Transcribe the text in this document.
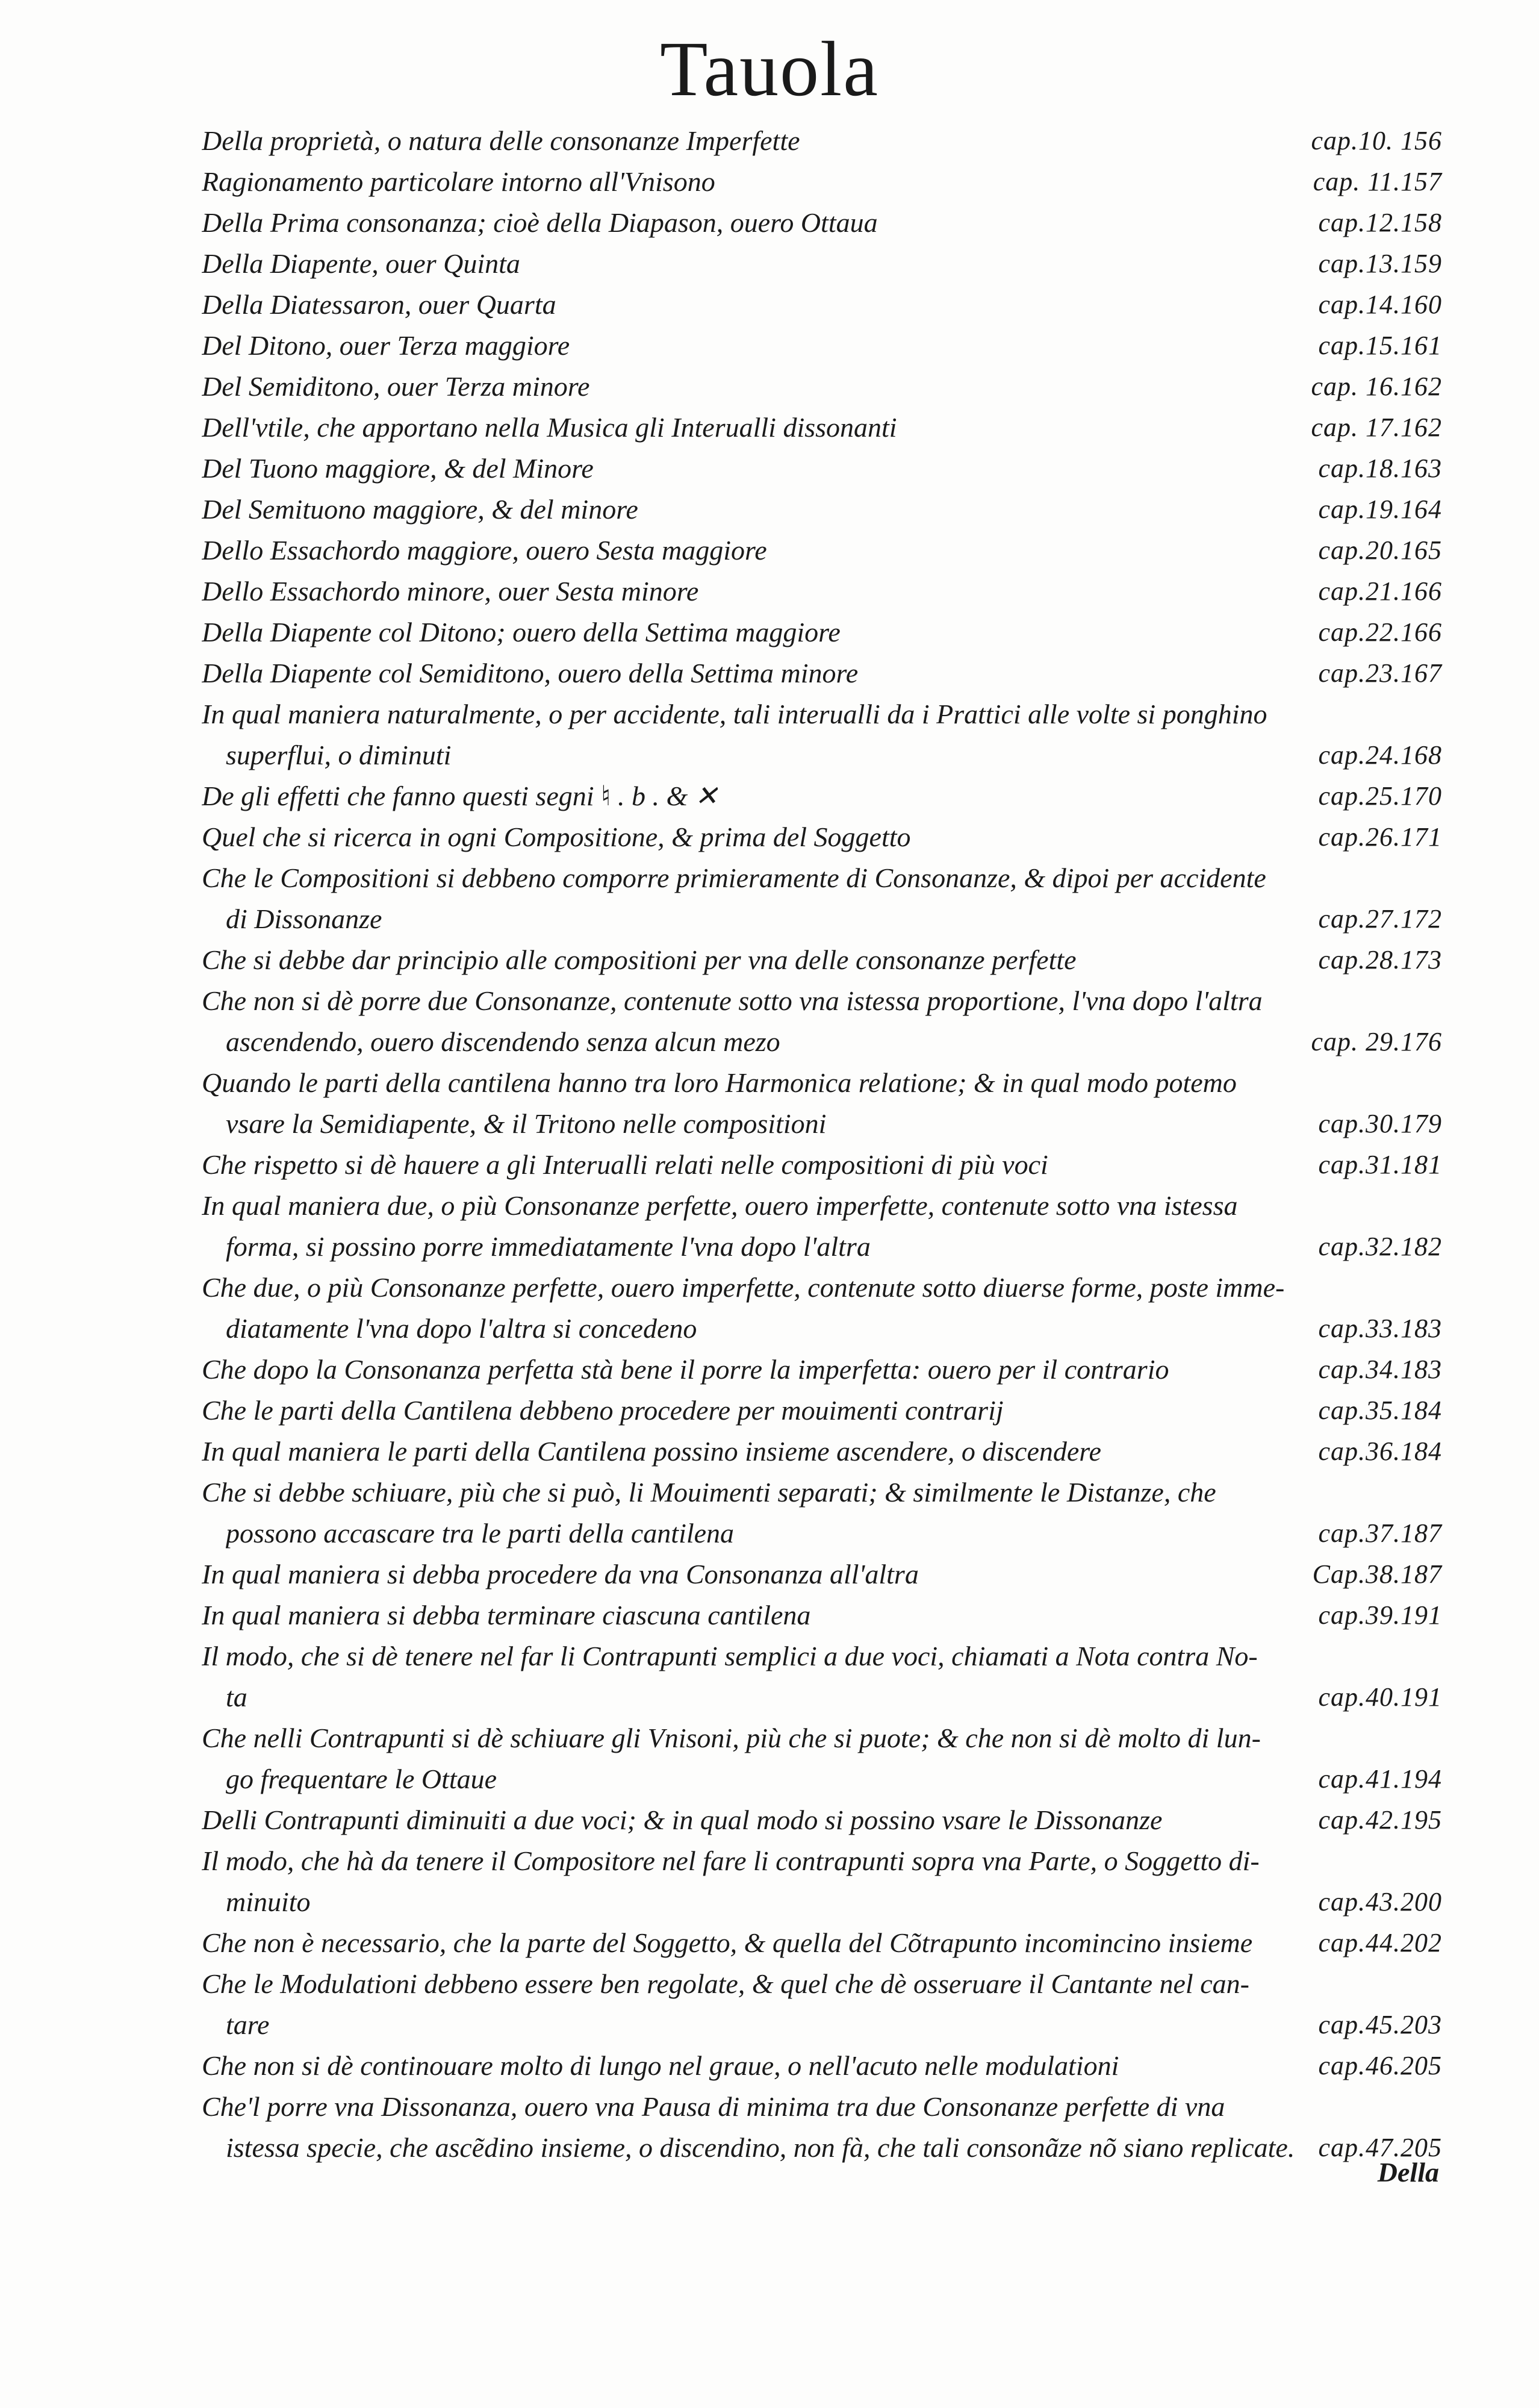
Tauola
Della proprietà, o natura delle consonanze Imperfette	cap.10. 156
Ragionamento particolare intorno all'Vnisono	cap. 11.157
Della Prima consonanza; cioè della Diapason, ouero Ottaua	cap.12.158
Della Diapente, ouer Quinta	cap.13.159
Della Diatessaron, ouer Quarta	cap.14.160
Del Ditono, ouer Terza maggiore	cap.15.161
Del Semiditono, ouer Terza minore	cap. 16.162
Dell'vtile, che apportano nella Musica gli Interualli dissonanti	cap. 17.162
Del Tuono maggiore, & del Minore	cap.18.163
Del Semituono maggiore, & del minore	cap.19.164
Dello Essachordo maggiore, ouero Sesta maggiore	cap.20.165
Dello Essachordo minore, ouer Sesta minore	cap.21.166
Della Diapente col Ditono; ouero della Settima maggiore	cap.22.166
Della Diapente col Semiditono, ouero della Settima minore	cap.23.167
In qual maniera naturalmente, o per accidente, tali interualli da i Prattici alle volte si ponghino
superflui, o diminuti	cap.24.168
De gli effetti che fanno questi segni ♮ . b . & ✕	cap.25.170
Quel che si ricerca in ogni Compositione, & prima del Soggetto	cap.26.171
Che le Compositioni si debbeno comporre primieramente di Consonanze, & dipoi per accidente
di Dissonanze	cap.27.172
Che si debbe dar principio alle compositioni per vna delle consonanze perfette	cap.28.173
Che non si dè porre due Consonanze, contenute sotto vna istessa proportione, l'vna dopo l'altra
ascendendo, ouero discendendo senza alcun mezo	cap. 29.176
Quando le parti della cantilena hanno tra loro Harmonica relatione; & in qual modo potemo
vsare la Semidiapente, & il Tritono nelle compositioni	cap.30.179
Che rispetto si dè hauere a gli Interualli relati nelle compositioni di più voci	cap.31.181
In qual maniera due, o più Consonanze perfette, ouero imperfette, contenute sotto vna istessa
forma, si possino porre immediatamente l'vna dopo l'altra	cap.32.182
Che due, o più Consonanze perfette, ouero imperfette, contenute sotto diuerse forme, poste imme-
diatamente l'vna dopo l'altra si concedeno	cap.33.183
Che dopo la Consonanza perfetta stà bene il porre la imperfetta: ouero per il contrario	cap.34.183
Che le parti della Cantilena debbeno procedere per mouimenti contrarij	cap.35.184
In qual maniera le parti della Cantilena possino insieme ascendere, o discendere	cap.36.184
Che si debbe schiuare, più che si può, li Mouimenti separati; & similmente le Distanze, che
possono accascare tra le parti della cantilena	cap.37.187
In qual maniera si debba procedere da vna Consonanza all'altra	Cap.38.187
In qual maniera si debba terminare ciascuna cantilena	cap.39.191
Il modo, che si dè tenere nel far li Contrapunti semplici a due voci, chiamati a Nota contra No-
ta	cap.40.191
Che nelli Contrapunti si dè schiuare gli Vnisoni, più che si puote; & che non si dè molto di lun-
go frequentare le Ottaue	cap.41.194
Delli Contrapunti diminuiti a due voci; & in qual modo si possino vsare le Dissonanze	cap.42.195
Il modo, che hà da tenere il Compositore nel fare li contrapunti sopra vna Parte, o Soggetto di-
minuito	cap.43.200
Che non è necessario, che la parte del Soggetto, & quella del Cõtrapunto incomincino insieme	cap.44.202
Che le Modulationi debbeno essere ben regolate, & quel che dè osseruare il Cantante nel can-
tare	cap.45.203
Che non si dè continouare molto di lungo nel graue, o nell'acuto nelle modulationi	cap.46.205
Che'l porre vna Dissonanza, ouero vna Pausa di minima tra due Consonanze perfette di vna
istessa specie, che ascẽdino insieme, o discendino, non fà, che tali consonãze nõ siano replicate. cap.47.205
Della
